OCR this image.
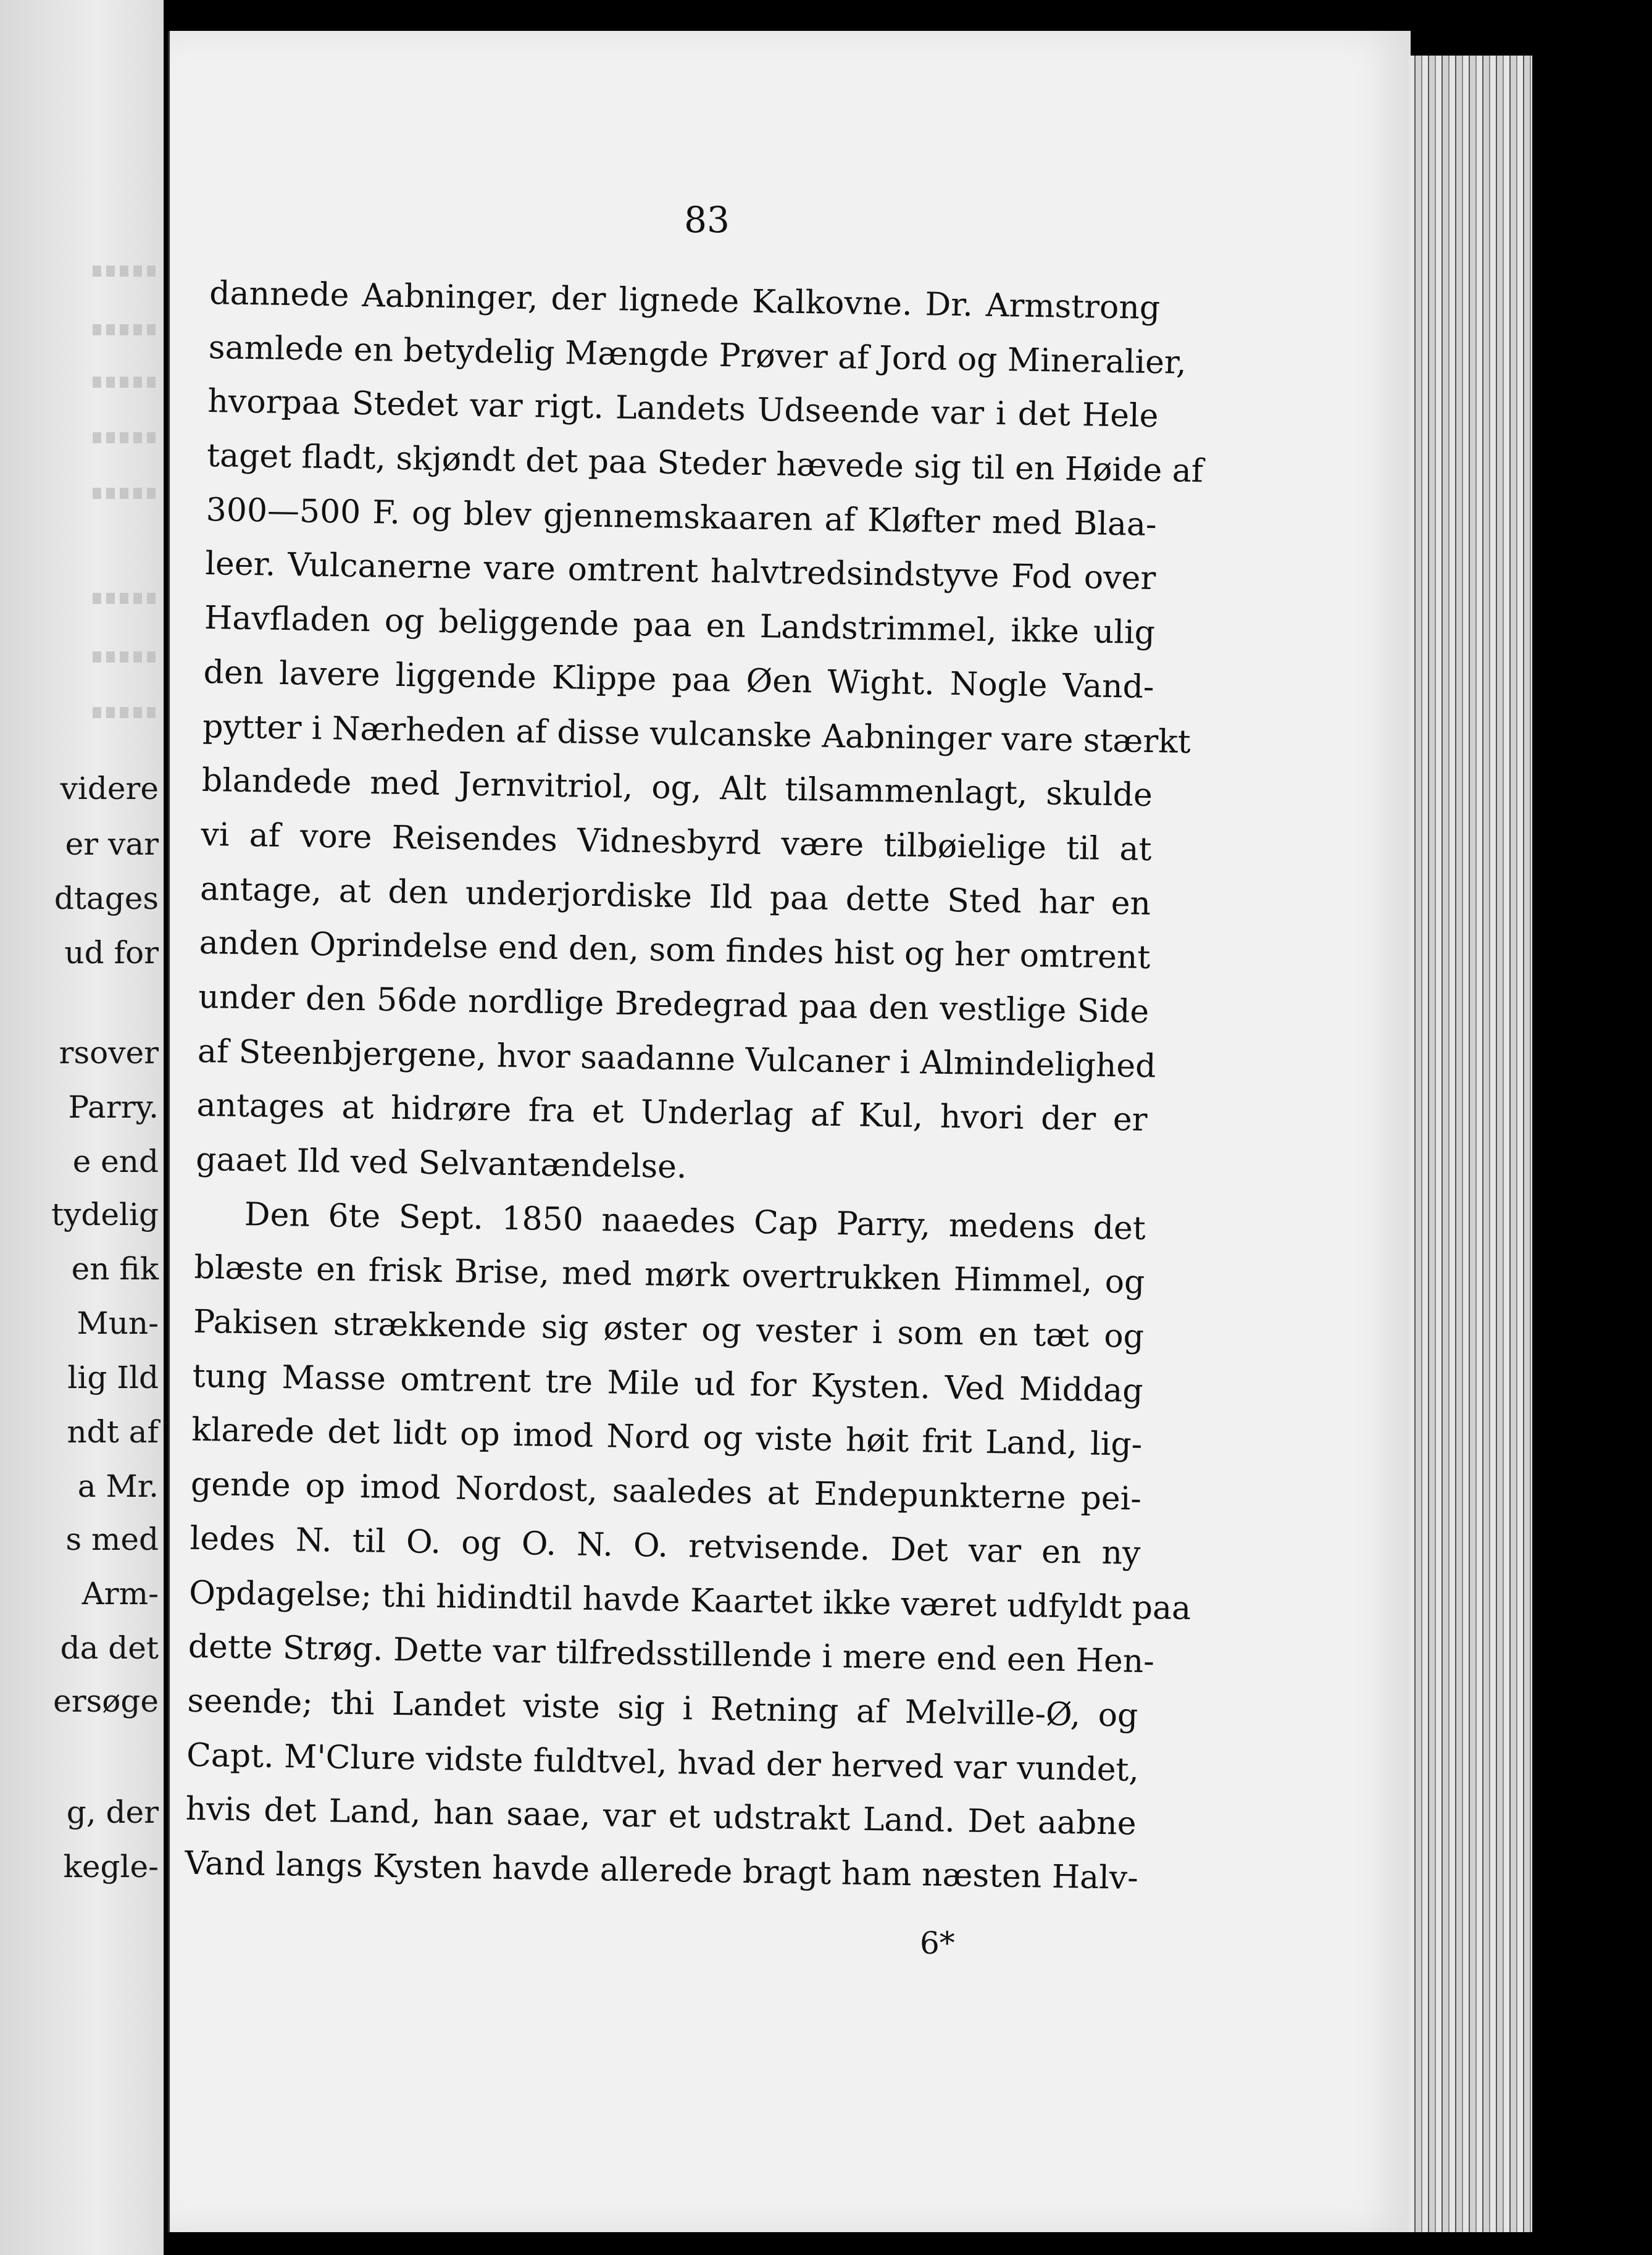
videre
er var
dtages
ud for
rsover
Parry.
e end
tydelig
en fik
Mun-
lig Ild
ndt af
a Mr.
s med
Arm-
da det
ersøge
g, der
kegle-
83
dannede Aabninger, der lignede Kalkovne. Dr. Armstrong
samlede en betydelig Mængde Prøver af Jord og Mineralier,
hvorpaa Stedet var rigt. Landets Udseende var i det Hele
taget fladt, skjøndt det paa Steder hævede sig til en Høide af
300—500 F. og blev gjennemskaaren af Kløfter med Blaa-
leer. Vulcanerne vare omtrent halvtredsindstyve Fod over
Havfladen og beliggende paa en Landstrimmel, ikke ulig
den lavere liggende Klippe paa Øen Wight. Nogle Vand-
pytter i Nærheden af disse vulcanske Aabninger vare stærkt
blandede med Jernvitriol, og, Alt tilsammenlagt, skulde
vi af vore Reisendes Vidnesbyrd være tilbøielige til at
antage, at den underjordiske Ild paa dette Sted har en
anden Oprindelse end den, som findes hist og her omtrent
under den 56de nordlige Bredegrad paa den vestlige Side
af Steenbjergene, hvor saadanne Vulcaner i Almindelighed
antages at hidrøre fra et Underlag af Kul, hvori der er
gaaet Ild ved Selvantændelse.
Den 6te Sept. 1850 naaedes Cap Parry, medens det
blæste en frisk Brise, med mørk overtrukken Himmel, og
Pakisen strækkende sig øster og vester i som en tæt og
tung Masse omtrent tre Mile ud for Kysten. Ved Middag
klarede det lidt op imod Nord og viste høit frit Land, lig-
gende op imod Nordost, saaledes at Endepunkterne pei-
ledes N. til O. og O. N. O. retvisende. Det var en ny
Opdagelse; thi hidindtil havde Kaartet ikke været udfyldt paa
dette Strøg. Dette var tilfredsstillende i mere end een Hen-
seende; thi Landet viste sig i Retning af Melville-Ø, og
Capt. M'Clure vidste fuldtvel, hvad der herved var vundet,
hvis det Land, han saae, var et udstrakt Land. Det aabne
Vand langs Kysten havde allerede bragt ham næsten Halv-
6*
